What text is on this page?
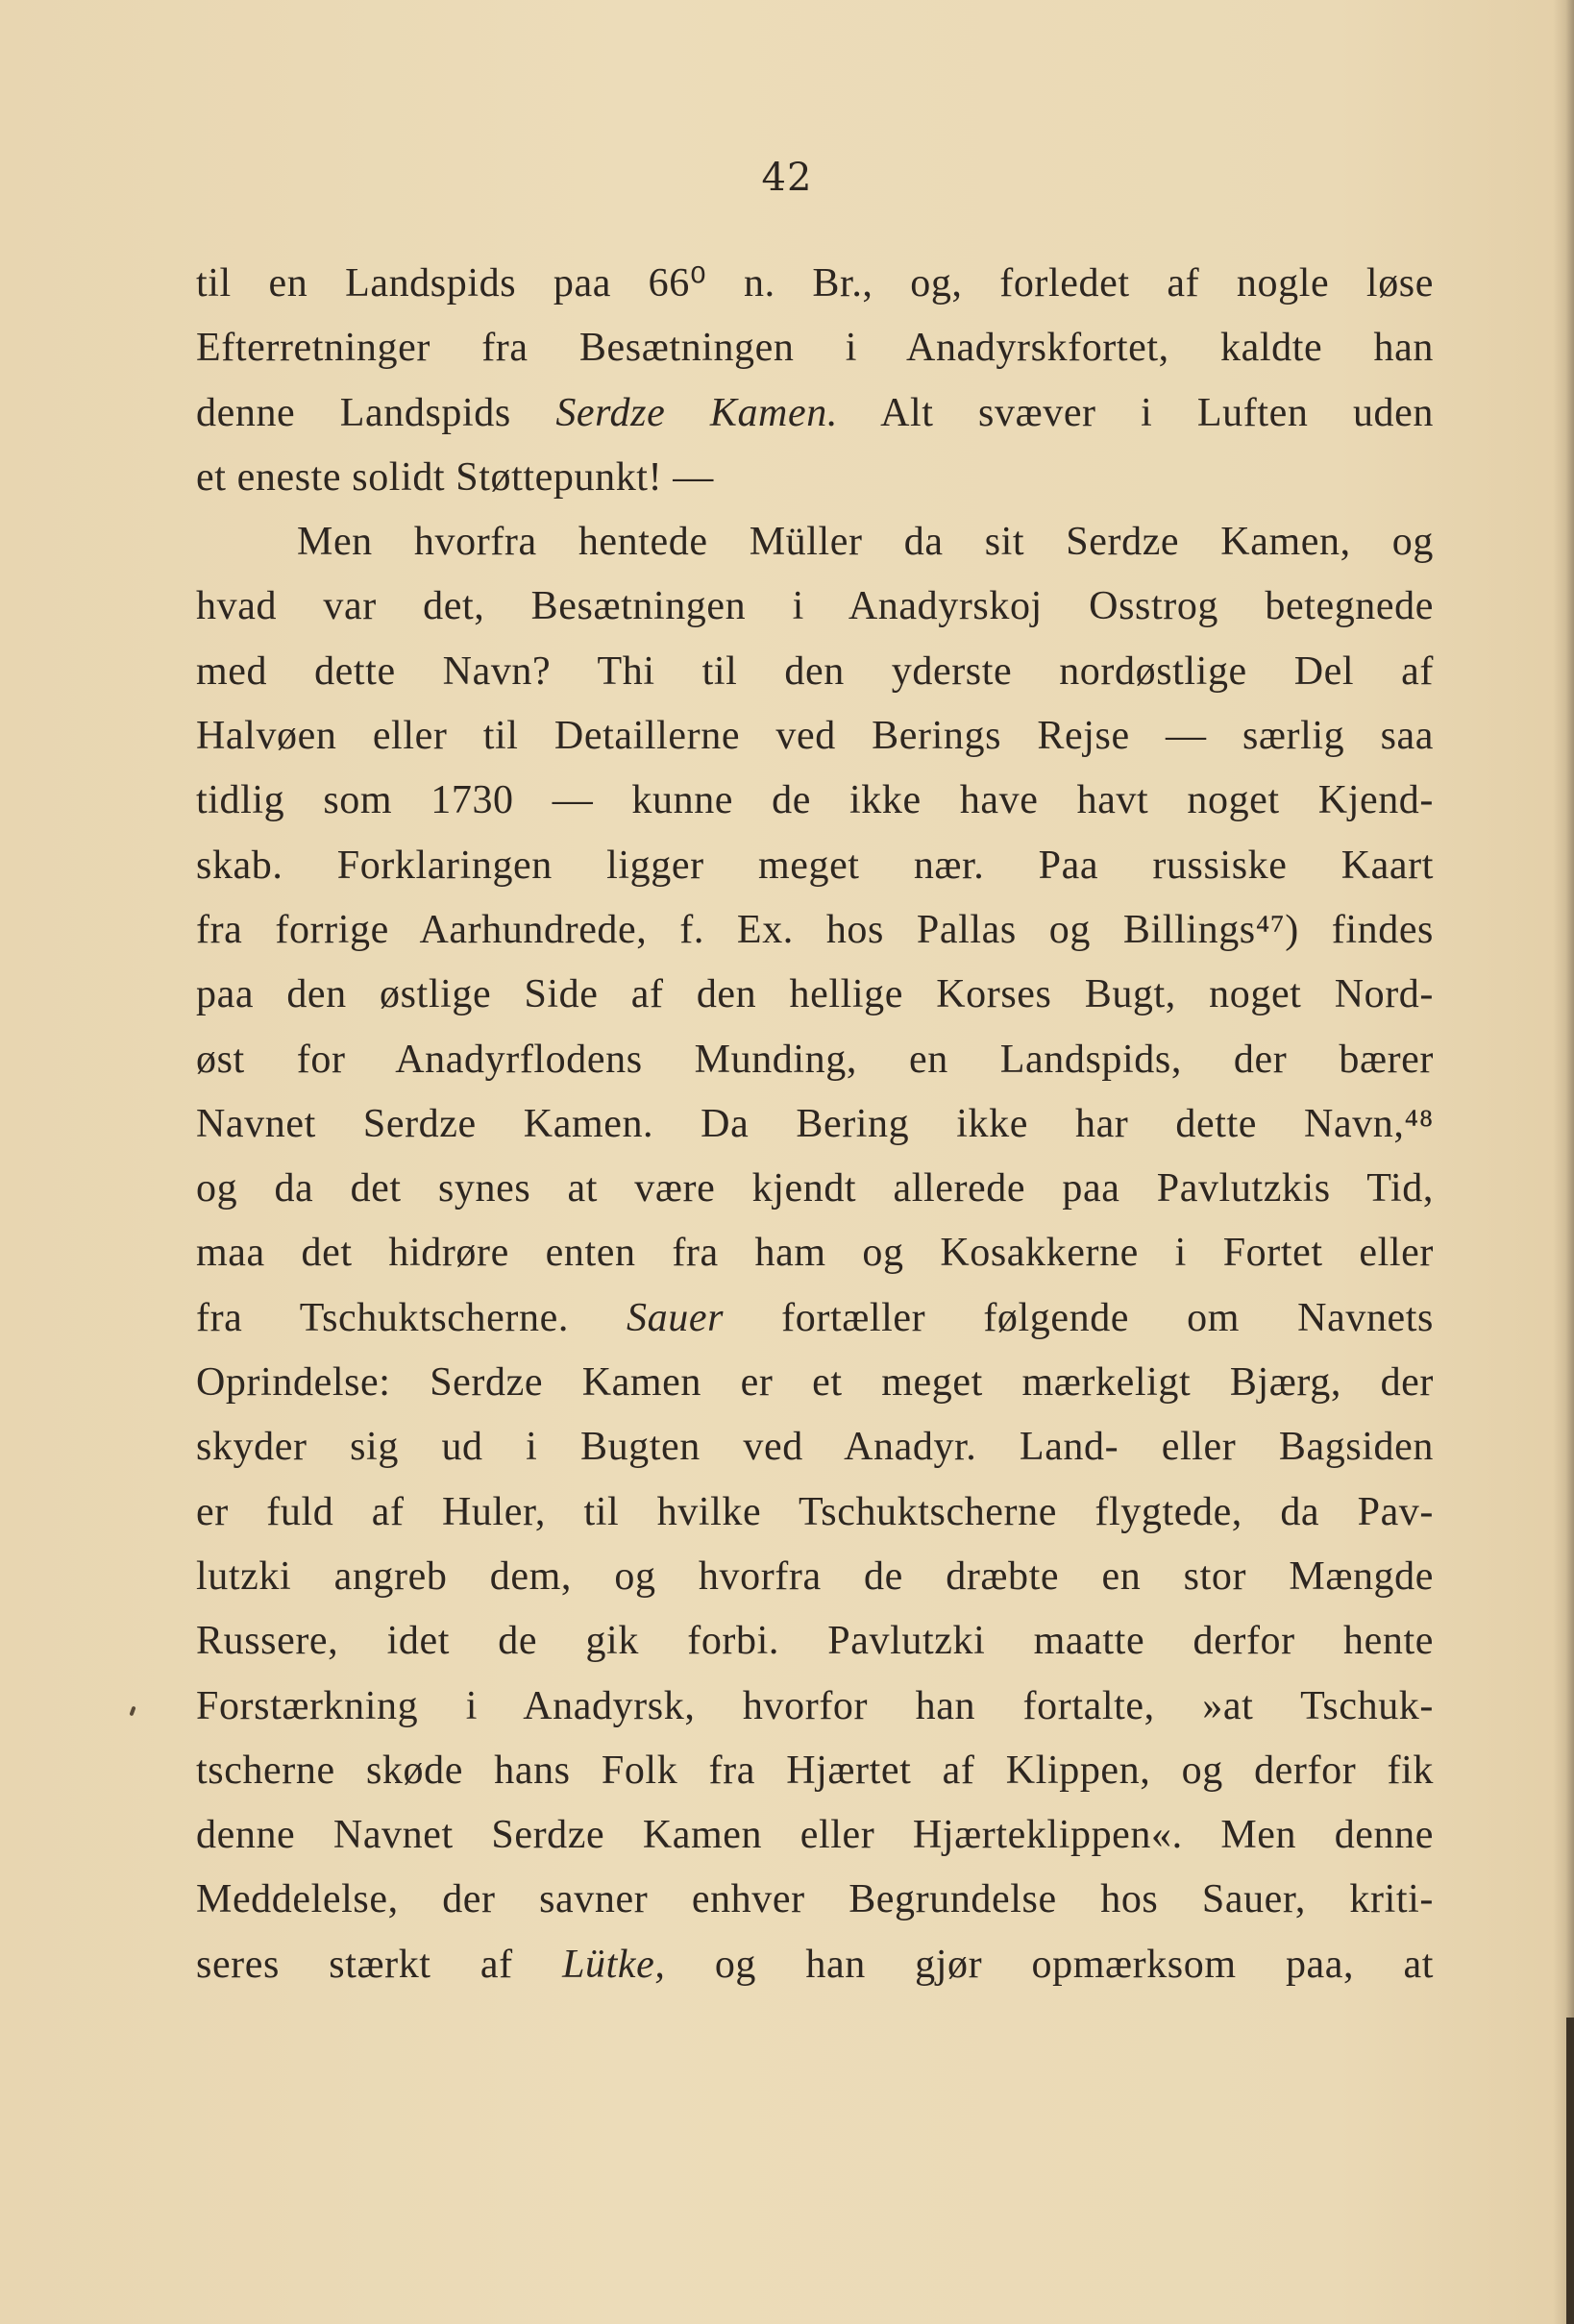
42
til en Landspids paa 66⁰ n. Br., og, forledet af nogle løse
Efterretninger fra Besætningen i Anadyrskfortet, kaldte han
denne Landspids Serdze Kamen. Alt svæver i Luften uden
et eneste solidt Støttepunkt! —
Men hvorfra hentede Müller da sit Serdze Kamen, og
hvad var det, Besætningen i Anadyrskoj Osstrog betegnede
med dette Navn? Thi til den yderste nordøstlige Del af
Halvøen eller til Detaillerne ved Berings Rejse — særlig saa
tidlig som 1730 — kunne de ikke have havt noget Kjend-
skab. Forklaringen ligger meget nær. Paa russiske Kaart
fra forrige Aarhundrede, f. Ex. hos Pallas og Billings⁴⁷) findes
paa den østlige Side af den hellige Korses Bugt, noget Nord-
øst for Anadyrflodens Munding, en Landspids, der bærer
Navnet Serdze Kamen. Da Bering ikke har dette Navn,⁴⁸
og da det synes at være kjendt allerede paa Pavlutzkis Tid,
maa det hidrøre enten fra ham og Kosakkerne i Fortet eller
fra Tschuktscherne. Sauer fortæller følgende om Navnets
Oprindelse: Serdze Kamen er et meget mærkeligt Bjærg, der
skyder sig ud i Bugten ved Anadyr. Land- eller Bagsiden
er fuld af Huler, til hvilke Tschuktscherne flygtede, da Pav-
lutzki angreb dem, og hvorfra de dræbte en stor Mængde
Russere, idet de gik forbi. Pavlutzki maatte derfor hente
Forstærkning i Anadyrsk, hvorfor han fortalte, »at Tschuk-
tscherne skøde hans Folk fra Hjærtet af Klippen, og derfor fik
denne Navnet Serdze Kamen eller Hjærteklippen«. Men denne
Meddelelse, der savner enhver Begrundelse hos Sauer, kriti-
seres stærkt af Lütke, og han gjør opmærksom paa, at
